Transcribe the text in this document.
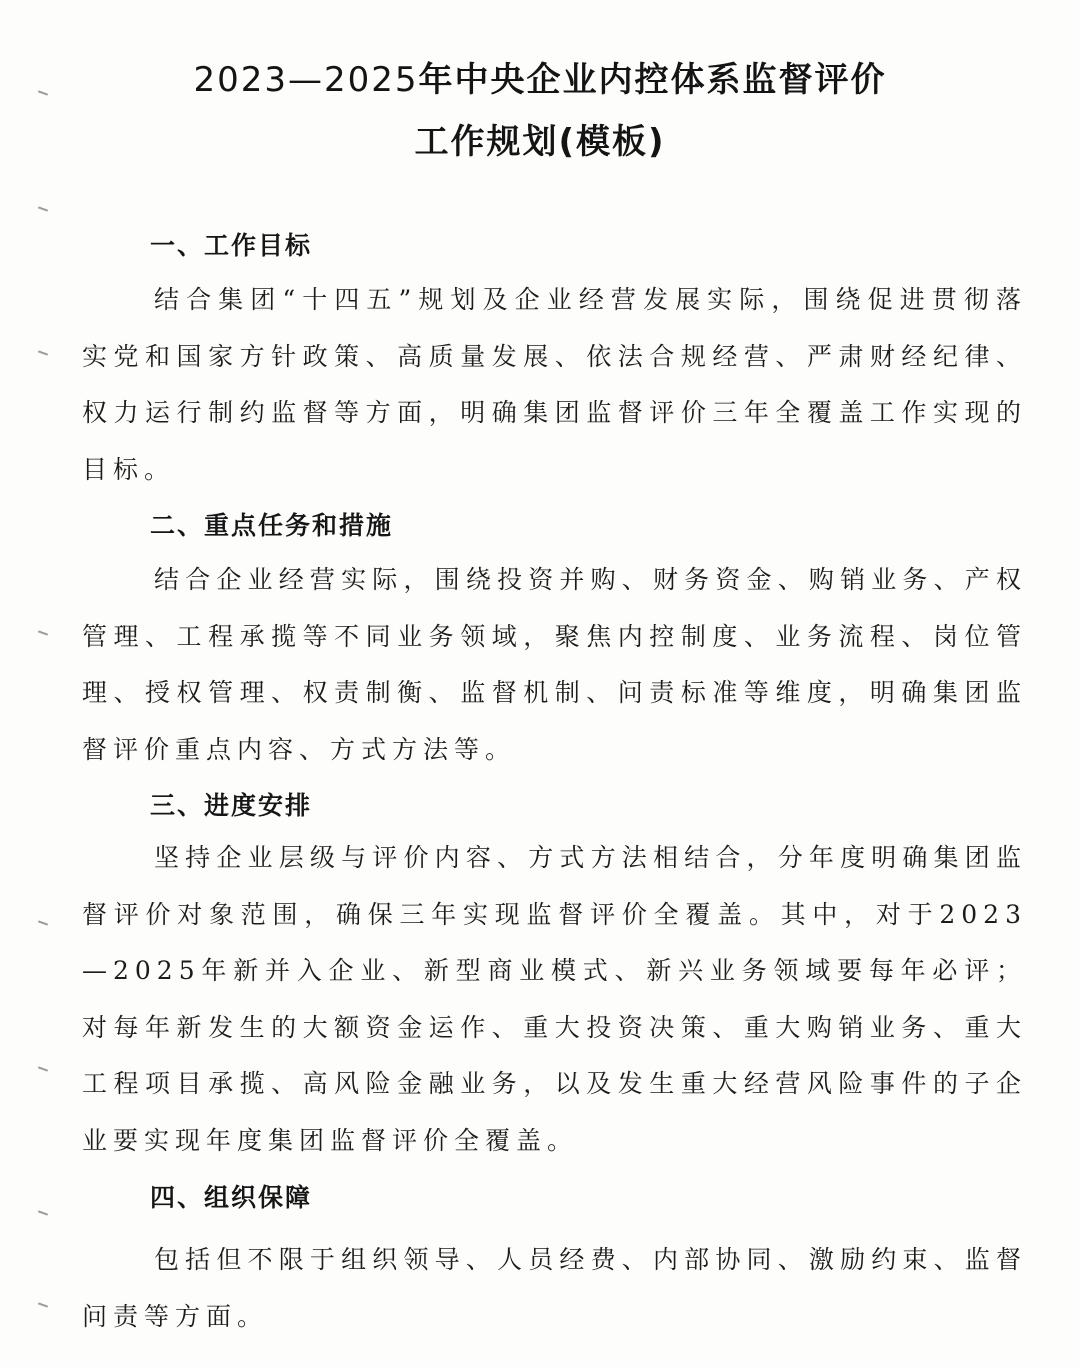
2023—2025年中央企业内控体系监督评价
工作规划(模板)
一、工作目标

结合集团“十四五”规划及企业经营发展实际，围绕促进贯彻落实党和国家方针政策、高质量发展、依法合规经营、严肃财经纪律、权力运行制约监督等方面，明确集团监督评价三年全覆盖工作实现的目标。

二、重点任务和措施

结合企业经营实际，围绕投资并购、财务资金、购销业务、产权管理、工程承揽等不同业务领域，聚焦内控制度、业务流程、岗位管理、授权管理、权责制衡、监督机制、问责标准等维度，明确集团监督评价重点内容、方式方法等。

三、进度安排

坚持企业层级与评价内容、方式方法相结合，分年度明确集团监督评价对象范围，确保三年实现监督评价全覆盖。其中，对于2023—2025年新并入企业、新型商业模式、新兴业务领域要每年必评；对每年新发生的大额资金运作、重大投资决策、重大购销业务、重大工程项目承揽、高风险金融业务，以及发生重大经营风险事件的子企业要实现年度集团监督评价全覆盖。

四、组织保障

包括但不限于组织领导、人员经费、内部协同、激励约束、监督问责等方面。
